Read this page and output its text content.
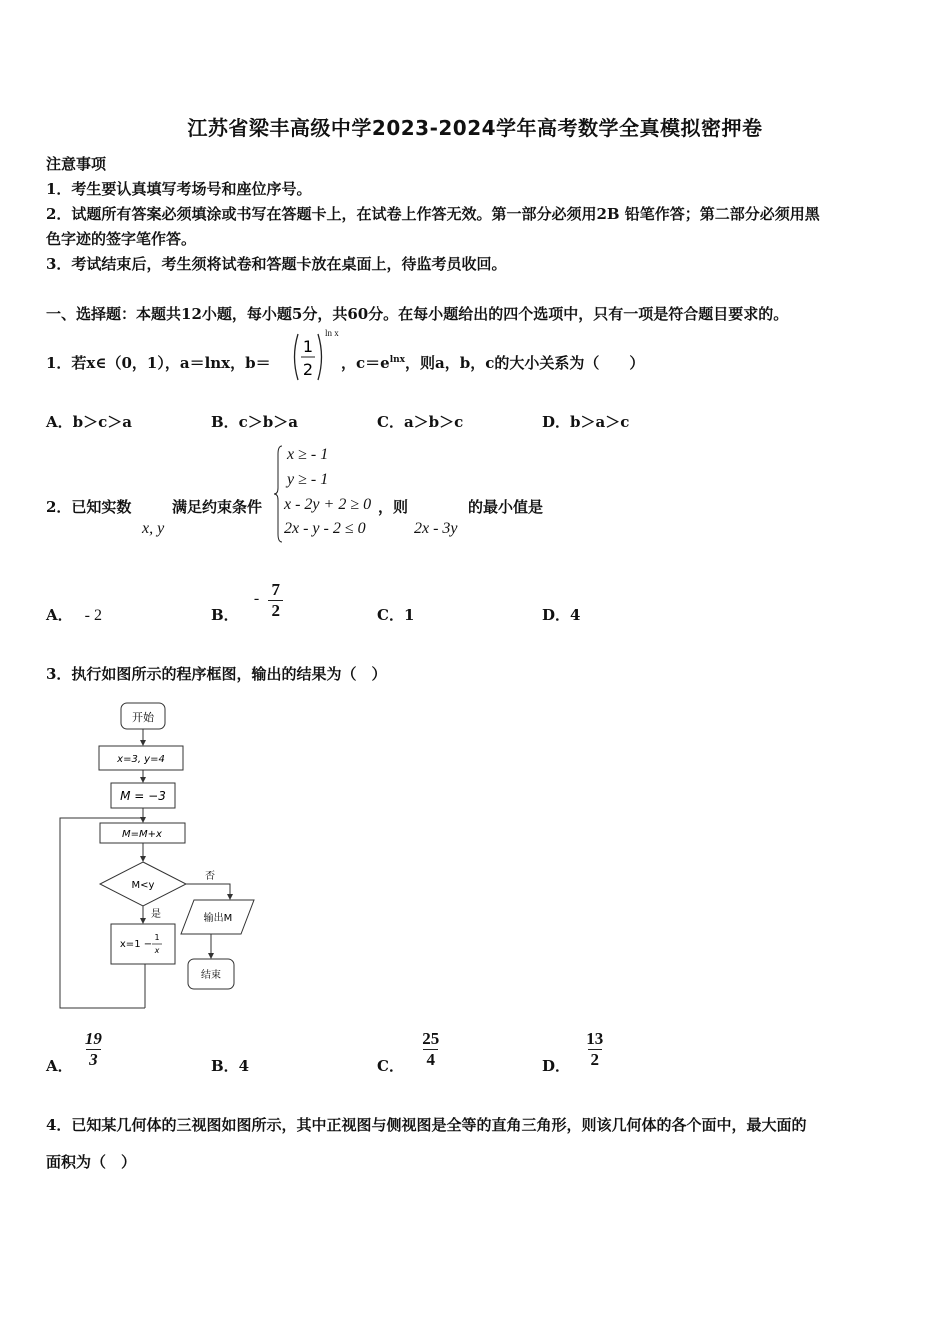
江苏省梁丰高级中学2023-2024学年高考数学全真模拟密押卷
注意事项
1．考生要认真填写考场号和座位序号。
2．试题所有答案必须填涂或书写在答题卡上，在试卷上作答无效。第一部分必须用2B 铅笔作答；第二部分必须用黑
色字迹的签字笔作答。
3．考试结束后，考生须将试卷和答题卡放在桌面上，待监考员收回。
一、选择题：本题共12小题，每小题5分，共60分。在每小题给出的四个选项中，只有一项是符合题目要求的。
1．若x∈（0，1），a＝lnx，b＝
1
2
ln x
，$c=e^{lnx}$，则a，b，c的大小关系为（　　）
A．b＞c＞a	B．c＞b＞a	C．a＞b＞c	D．b＞a＞c
2．已知实数
x, y
满足约束条件
x ≥ - 1
y ≥ - 1
x - 2y + 2 ≥ 0
2x - y - 2 ≤ 0
，则
2x - 3y
的最小值是
A． - 2	B． - $\frac{7}{2}$	C．1	D．4
3．执行如图所示的程序框图，输出的结果为（　）
开始
x=3, y=4
M = −3
M=M+x
M<y
否
输出M
结束
是
x=1 −
1
x
A． $\frac{19}{3}$	B．4	C． $\frac{25}{4}$	D． $\frac{13}{2}$
4．已知某几何体的三视图如图所示，其中正视图与侧视图是全等的直角三角形，则该几何体的各个面中，最大面的
面积为（　）
